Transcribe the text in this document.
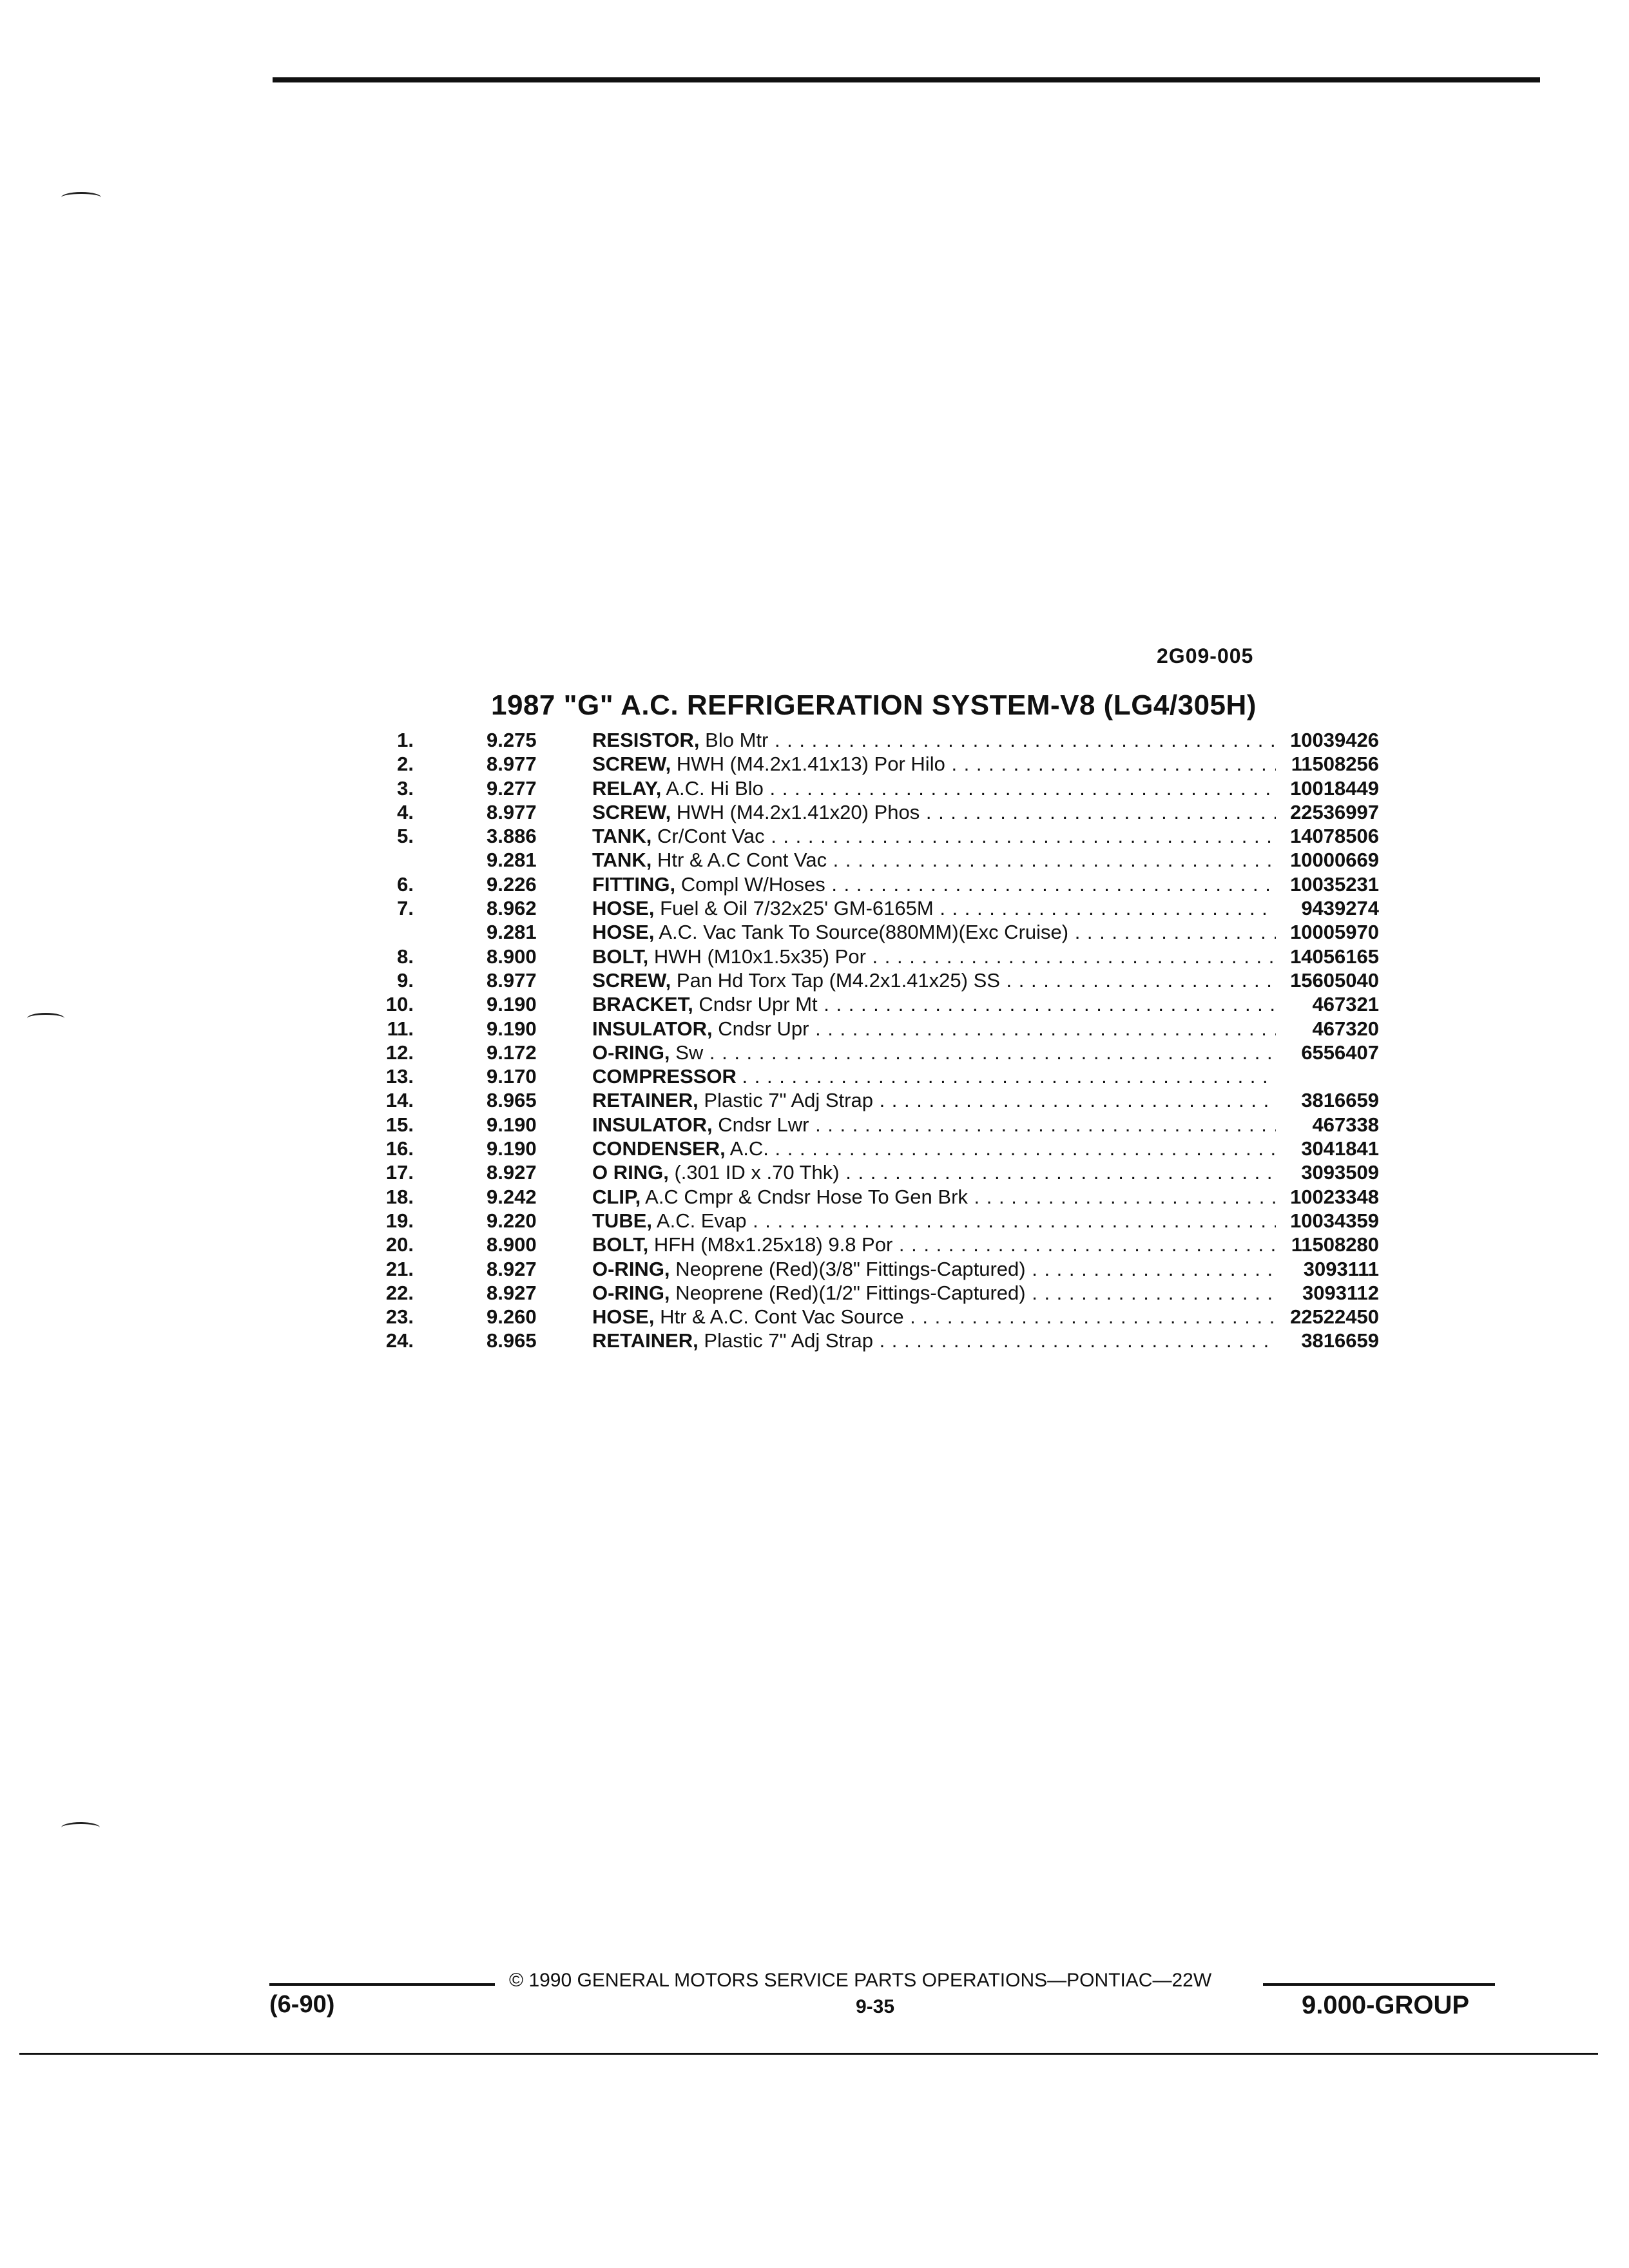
2G09-005
1987 "G" A.C. REFRIGERATION SYSTEM-V8 (LG4/305H)
1.	9.275	RESISTOR, Blo Mtr . . .	10039426
2.	8.977	SCREW, HWH (M4.2x1.41x13) Por Hilo . . .	11508256
3.	9.277	RELAY, A.C. Hi Blo . . .	10018449
4.	8.977	SCREW, HWH (M4.2x1.41x20) Phos . . .	22536997
5.	3.886	TANK, Cr/Cont Vac . . .	14078506
9.281	TANK, Htr & A.C Cont Vac . . .	10000669
6.	9.226	FITTING, Compl W/Hoses . . .	10035231
7.	8.962	HOSE, Fuel & Oil 7/32x25' GM-6165M . . .	9439274
9.281	HOSE, A.C. Vac Tank To Source(880MM)(Exc Cruise) . . .	10005970
8.	8.900	BOLT, HWH (M10x1.5x35) Por . . .	14056165
9.	8.977	SCREW, Pan Hd Torx Tap (M4.2x1.41x25) SS . . .	15605040
10.	9.190	BRACKET, Cndsr Upr Mt . . .	467321
11.	9.190	INSULATOR, Cndsr Upr . . .	467320
12.	9.172	O-RING, Sw . . .	6556407
13.	9.170	COMPRESSOR . . .
14.	8.965	RETAINER, Plastic 7" Adj Strap . . .	3816659
15.	9.190	INSULATOR, Cndsr Lwr . . .	467338
16.	9.190	CONDENSER, A.C. . . .	3041841
17.	8.927	O RING, (.301 ID x .70 Thk) . . .	3093509
18.	9.242	CLIP, A.C Cmpr & Cndsr Hose To Gen Brk . . .	10023348
19.	9.220	TUBE, A.C. Evap . . .	10034359
20.	8.900	BOLT, HFH (M8x1.25x18) 9.8 Por . . .	11508280
21.	8.927	O-RING, Neoprene (Red)(3/8" Fittings-Captured) . . .	3093111
22.	8.927	O-RING, Neoprene (Red)(1/2" Fittings-Captured) . . .	3093112
23.	9.260	HOSE, Htr & A.C. Cont Vac Source . . .	22522450
24.	8.965	RETAINER, Plastic 7" Adj Strap . . .	3816659
© 1990 GENERAL MOTORS SERVICE PARTS OPERATIONS—PONTIAC—22W
(6-90)	9-35	9.000-GROUP
